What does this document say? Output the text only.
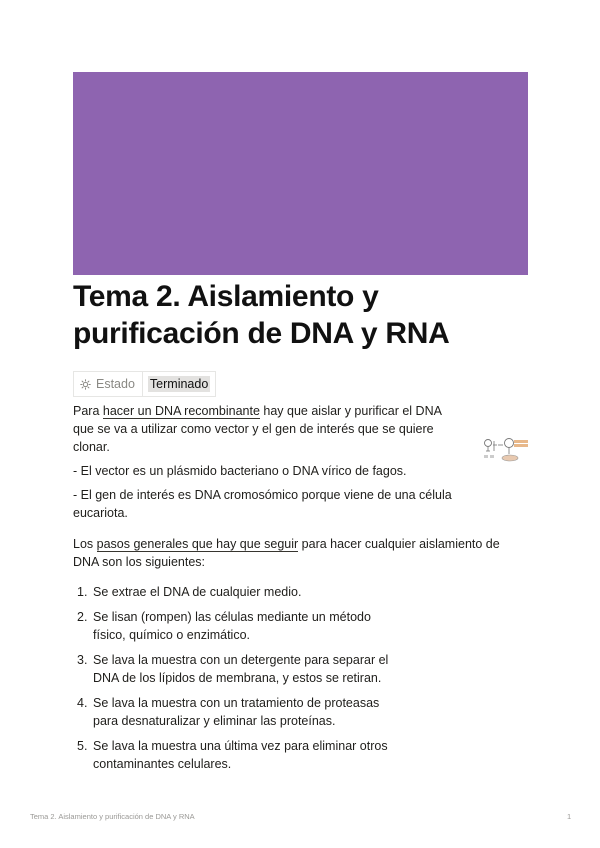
Tema 2. Aislamiento y purificación de DNA y RNA
Estado Terminado

Para hacer un DNA recombinante hay que aislar y purificar el DNA

que se va a utilizar como vector y el gen de interés que se quiere

clonar.

- El vector es un plásmido bacteriano o DNA vírico de fagos.

- El gen de interés es DNA cromosómico porque viene de una célula

eucariota.

Los pasos generales que hay que seguir para hacer cualquier aislamiento de

DNA son los siguientes:

1. Se extrae el DNA de cualquier medio.
2. Se lisan (rompen) las células mediante un método
físico, químico o enzimático.
3. Se lava la muestra con un detergente para separar el
DNA de los lípidos de membrana, y estos se retiran.
4. Se lava la muestra con un tratamiento de proteasas
para desnaturalizar y eliminar las proteínas.
5. Se lava la muestra una última vez para eliminar otros
contaminantes celulares.
Tema 2. Aislamiento y purificación de DNA y RNA	1
